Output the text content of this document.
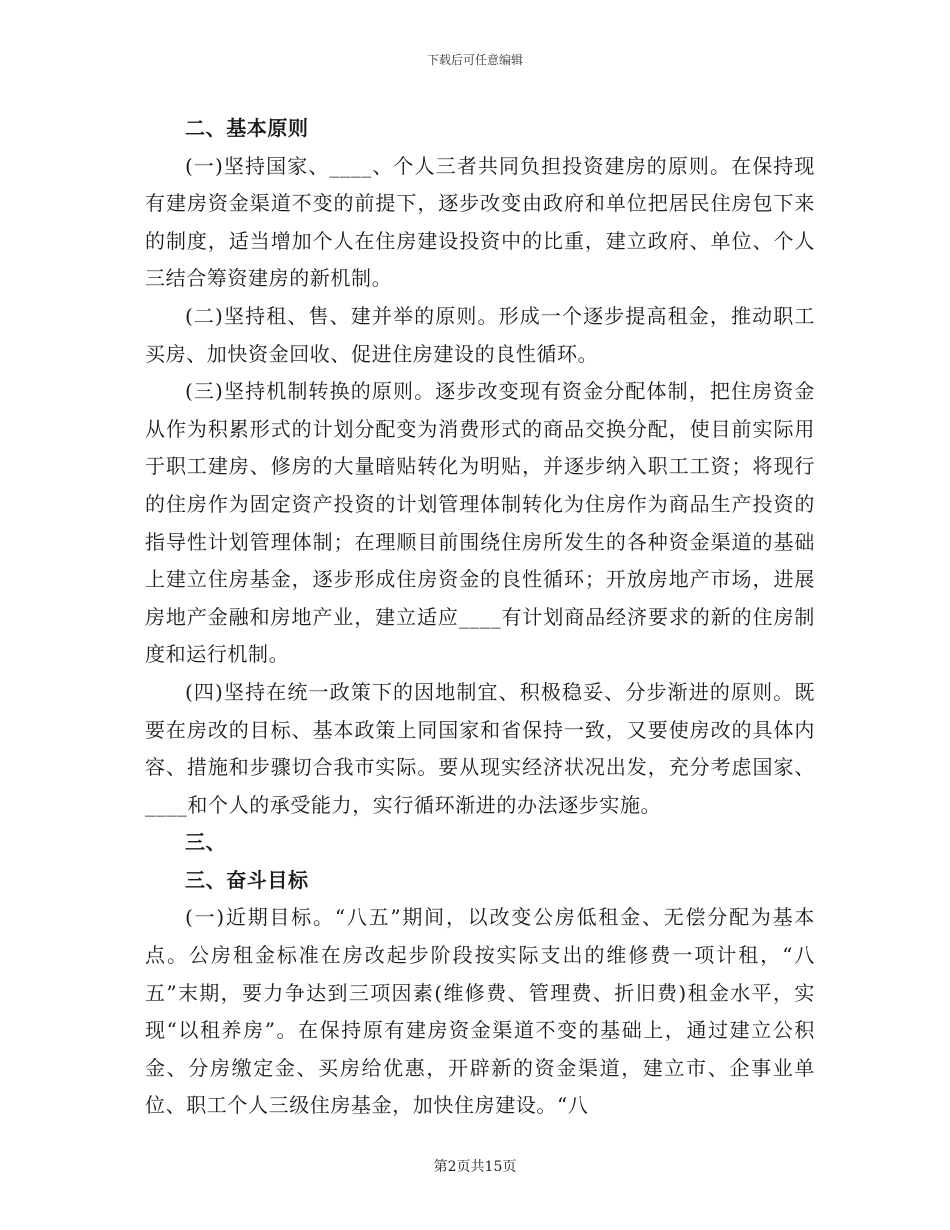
下载后可任意编辑

二、基本原则

(一)坚持国家、____、个人三者共同负担投资建房的原则。在保持现有建房资金渠道不变的前提下，逐步改变由政府和单位把居民住房包下来的制度，适当增加个人在住房建设投资中的比重，建立政府、单位、个人三结合筹资建房的新机制。

(二)坚持租、售、建并举的原则。形成一个逐步提高租金，推动职工买房、加快资金回收、促进住房建设的良性循环。

(三)坚持机制转换的原则。逐步改变现有资金分配体制，把住房资金从作为积累形式的计划分配变为消费形式的商品交换分配，使目前实际用于职工建房、修房的大量暗贴转化为明贴，并逐步纳入职工工资；将现行的住房作为固定资产投资的计划管理体制转化为住房作为商品生产投资的指导性计划管理体制；在理顺目前围绕住房所发生的各种资金渠道的基础上建立住房基金，逐步形成住房资金的良性循环；开放房地产市场，进展房地产金融和房地产业，建立适应____有计划商品经济要求的新的住房制度和运行机制。

(四)坚持在统一政策下的因地制宜、积极稳妥、分步渐进的原则。既要在房改的目标、基本政策上同国家和省保持一致，又要使房改的具体内容、措施和步骤切合我市实际。要从现实经济状况出发，充分考虑国家、____和个人的承受能力，实行循环渐进的办法逐步实施。

三、

三、奋斗目标

(一)近期目标。“八五”期间，以改变公房低租金、无偿分配为基本点。公房租金标准在房改起步阶段按实际支出的维修费一项计租，“八五”末期，要力争达到三项因素(维修费、管理费、折旧费)租金水平，实现“以租养房”。在保持原有建房资金渠道不变的基础上，通过建立公积金、分房缴定金、买房给优惠，开辟新的资金渠道，建立市、企事业单位、职工个人三级住房基金，加快住房建设。“八

第2页共15页
